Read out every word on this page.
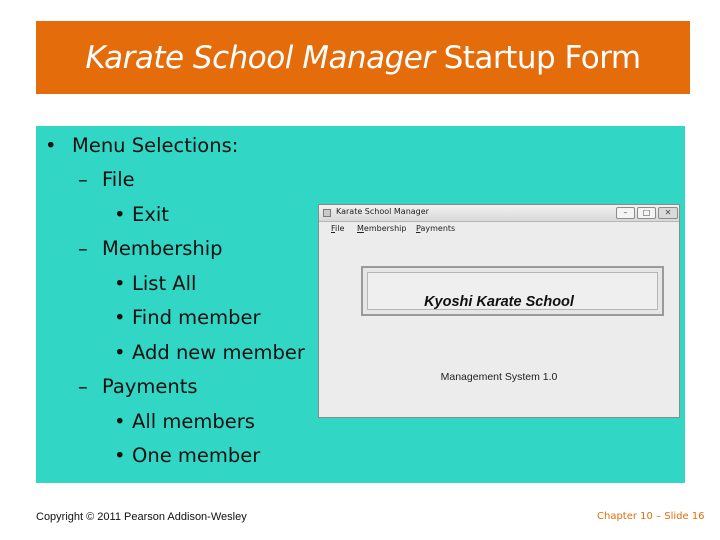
Karate School Manager Startup Form
• Menu Selections:
– File
• Exit
– Membership
• List All
• Find member
• Add new member
– Payments
• All members
• One member
Karate School Manager	–	□	✕
File Membership Payments
Kyoshi Karate School
Management System 1.0
Copyright © 2011 Pearson Addison-Wesley	Chapter 10 – Slide 16
